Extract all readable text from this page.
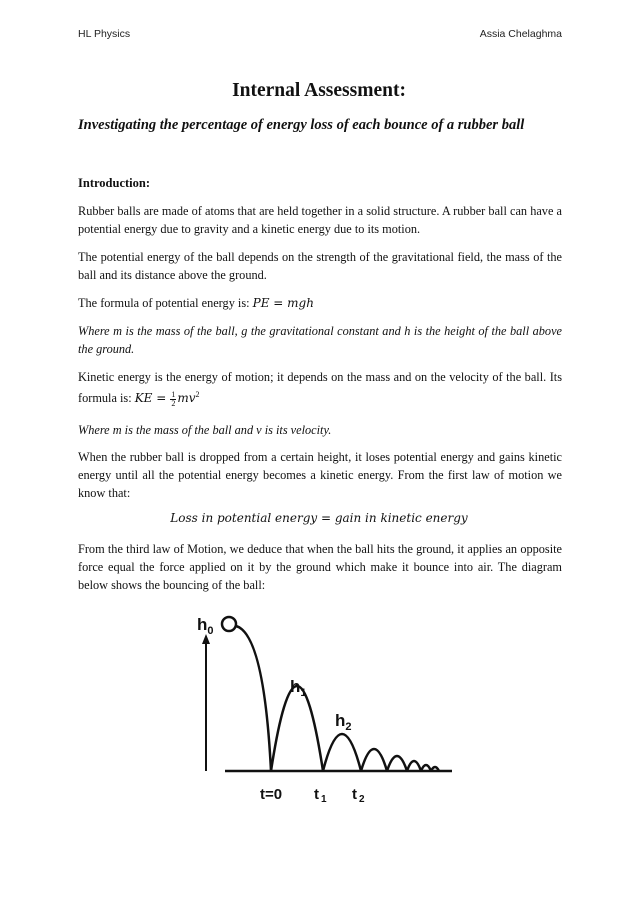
HL Physics	Assia Chelaghma
Internal Assessment:
Investigating the percentage of energy loss of each bounce of a rubber ball
Introduction:
Rubber balls are made of atoms that are held together in a solid structure. A rubber ball can have a potential energy due to gravity and a kinetic energy due to its motion.
The potential energy of the ball depends on the strength of the gravitational field, the mass of the ball and its distance above the ground.
The formula of potential energy is: PE = mgh
Where m is the mass of the ball, g the gravitational constant and h is the height of the ball above the ground.
Kinetic energy is the energy of motion; it depends on the mass and on the velocity of the ball. Its formula is: KE = $\frac{1}{2} mv^2$
Where m is the mass of the ball and v is its velocity.
When the rubber ball is dropped from a certain height, it loses potential energy and gains kinetic energy until all the potential energy becomes a kinetic energy. From the first law of motion we know that:
Loss in potential energy = gain in kinetic energy
From the third law of Motion, we deduce that when the ball hits the ground, it applies an opposite force equal the force applied on it by the ground which make it bounce into air. The diagram below shows the bouncing of the ball:
$h_0$
$h_1$
$h_2$
t=0 t $_1$ t $_2$
